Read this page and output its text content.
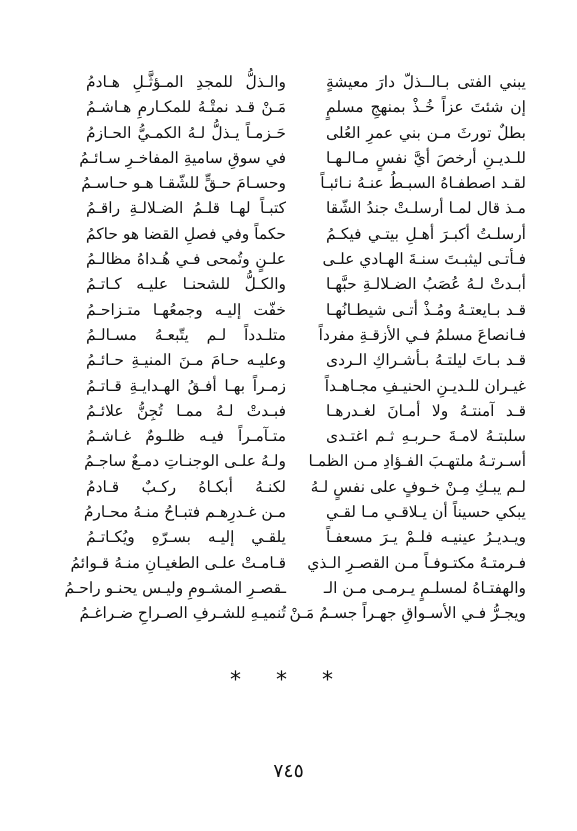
يبني الفتى بـالــذلّ دارَ معيشةٍ
إن شئتَ عزاً خُـذْ بمنهجِ مسلمٍ
بطلٌ تورثَ مـن بني عمرِ العُلى
للـديـنِ أرخصَ أيَّ نفسٍ مـالـهـا
لقـد اصطفـاهُ السبـطُ عنـهُ نـائبـاً
مـذ قال لمـا أرسلـتْ جندُ الشّقا
أرسلـتُ أكبـرَ أهـلِ بيتـي فيكـمُ
فـأتـى ليثبـتَ سنـةَ الهـادي علـى
أبـدتْ لـهُ عُصَبُ الضـلالـةِ حبَّهـا
قـد بـايعتـهُ ومُـذْ أتـى شيطـانُهـا
فـانصاعَ مسلمُ فـي الأزقـةِ مفرداً
قـد بـاتَ ليلتـهُ بـأشـراكِ الـردى
غيـران للـديـنِ الحنيـفِ مجـاهـداً
قـد آمنتـهُ ولا أمـانَ لغـدرهـا
سلبتـهُ لامـةَ حـربـهِ ثـم اغتـدى
أسـرتـهُ ملتهـبَ الفـؤادِ مـن الظمـا
لـم يبـكِ مِـنْ خـوفٍ على نفسٍ لـهُ
يبكي حسيناً أن يـلاقـي مـا لقـي
ويـديـرُ عينيـه فلـمْ يـرَ مسعفـاً
فـرمتـهُ مكتـوفـاً مـن القصـرِ الـذي
والهفتـاهُ لمسلـمٍ يـرمـى مـن الـ
ويجـرُّ فـي الأسـواقِ جهـراً جسـمُ مَـنْ
والـذلُّ للمجدِ المـؤثَّـلِ هـادمُ
مَـنْ قـد نمتْـهُ للمكـارمِ هـاشـمُ
حَـزمـاً يـذلُّ لـهُ الكمـيُّ الحـازمُ
في سوقِ ساميةِ المفاخـرِ سـائـمُ
وحسـامَ حـقٍّ للشّقـا هـو حـاسـمُ
كتبـاً لهـا قلـمُ الضـلالـةِ راقـمُ
حكماً وفي فصلِ القضا هو حاكمُ
علـنٍ وتُمحى فـي هُـداهُ مظالـمُ
والكـلُّ للشحنـا عليـه كـاتـمُ
خفّت إليـه وجمعُهـا متـزاحـمُ
متلـدداً لـم يتّبعـهُ مسـالـمُ
وعليـه حـامَ مـنَ المنيـةِ حـائـمُ
زمـراً بهـا أفـقُ الهـدايـةِ قـاتـمُ
فبـدتْ لـهُ ممـا تُجِنُّ علائـمُ
متـآمـراً فيـه ظلـومٌ غـاشـمُ
ولـهُ علـى الوجنـاتِ دمـعٌ ساجـمُ
لكنـهُ أبكـاهُ ركـبٌ قـادمُ
مـن غـدرِهـم فتبـاحُ منـهُ محـارمُ
يلقـي إليـه بسـرّهِ ويُكـاتـمُ
قـامـتْ علـى الطغيـانِ منـهُ قـوائمُ
ـقصـرِ المشـومِ وليـس يحنـو راحـمُ
تُنميـهِ للشـرفِ الصـراحِ ضـراغـمُ
* * *
٧٤٥
